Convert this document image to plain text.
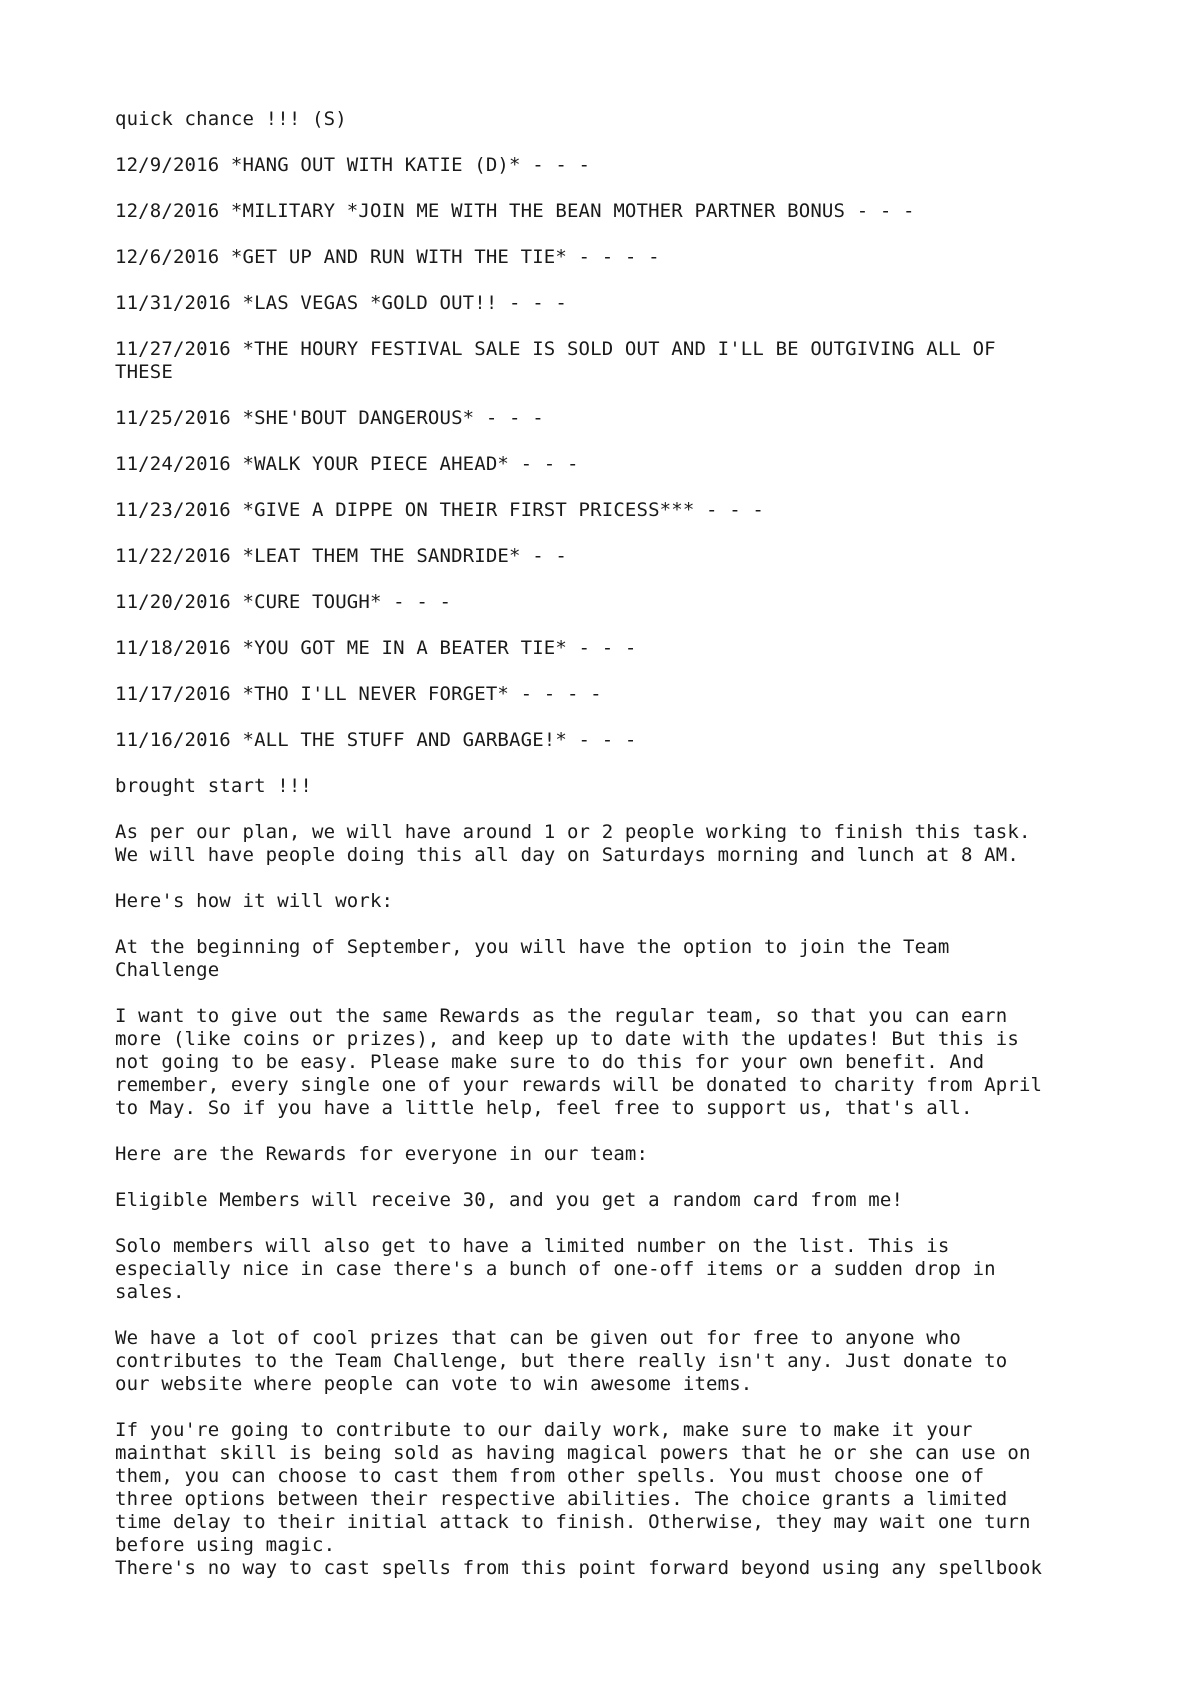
quick chance !!! (S)

12/9/2016 *HANG OUT WITH KATIE (D)* - - -

12/8/2016 *MILITARY *JOIN ME WITH THE BEAN MOTHER PARTNER BONUS - - -

12/6/2016 *GET UP AND RUN WITH THE TIE* - - - -

11/31/2016 *LAS VEGAS *GOLD OUT!! - - -

11/27/2016 *THE HOURY FESTIVAL SALE IS SOLD OUT AND I'LL BE OUTGIVING ALL OF
THESE

11/25/2016 *SHE'BOUT DANGEROUS* - - -

11/24/2016 *WALK YOUR PIECE AHEAD* - - -

11/23/2016 *GIVE A DIPPE ON THEIR FIRST PRICESS*** - - -

11/22/2016 *LEAT THEM THE SANDRIDE* - -

11/20/2016 *CURE TOUGH* - - -

11/18/2016 *YOU GOT ME IN A BEATER TIE* - - -

11/17/2016 *THO I'LL NEVER FORGET* - - - -

11/16/2016 *ALL THE STUFF AND GARBAGE!* - - -

brought start !!!

As per our plan, we will have around 1 or 2 people working to finish this task.
We will have people doing this all day on Saturdays morning and lunch at 8 AM.

Here's how it will work:

At the beginning of September, you will have the option to join the Team
Challenge

I want to give out the same Rewards as the regular team, so that you can earn
more (like coins or prizes), and keep up to date with the updates! But this is
not going to be easy. Please make sure to do this for your own benefit. And
remember, every single one of your rewards will be donated to charity from April
to May. So if you have a little help, feel free to support us, that's all.

Here are the Rewards for everyone in our team:

Eligible Members will receive 30, and you get a random card from me!

Solo members will also get to have a limited number on the list. This is
especially nice in case there's a bunch of one-off items or a sudden drop in
sales.

We have a lot of cool prizes that can be given out for free to anyone who
contributes to the Team Challenge, but there really isn't any. Just donate to
our website where people can vote to win awesome items.

If you're going to contribute to our daily work, make sure to make it your
mainthat skill is being sold as having magical powers that he or she can use on
them, you can choose to cast them from other spells. You must choose one of
three options between their respective abilities. The choice grants a limited
time delay to their initial attack to finish. Otherwise, they may wait one turn
before using magic.

There's no way to cast spells from this point forward beyond using any spellbook
